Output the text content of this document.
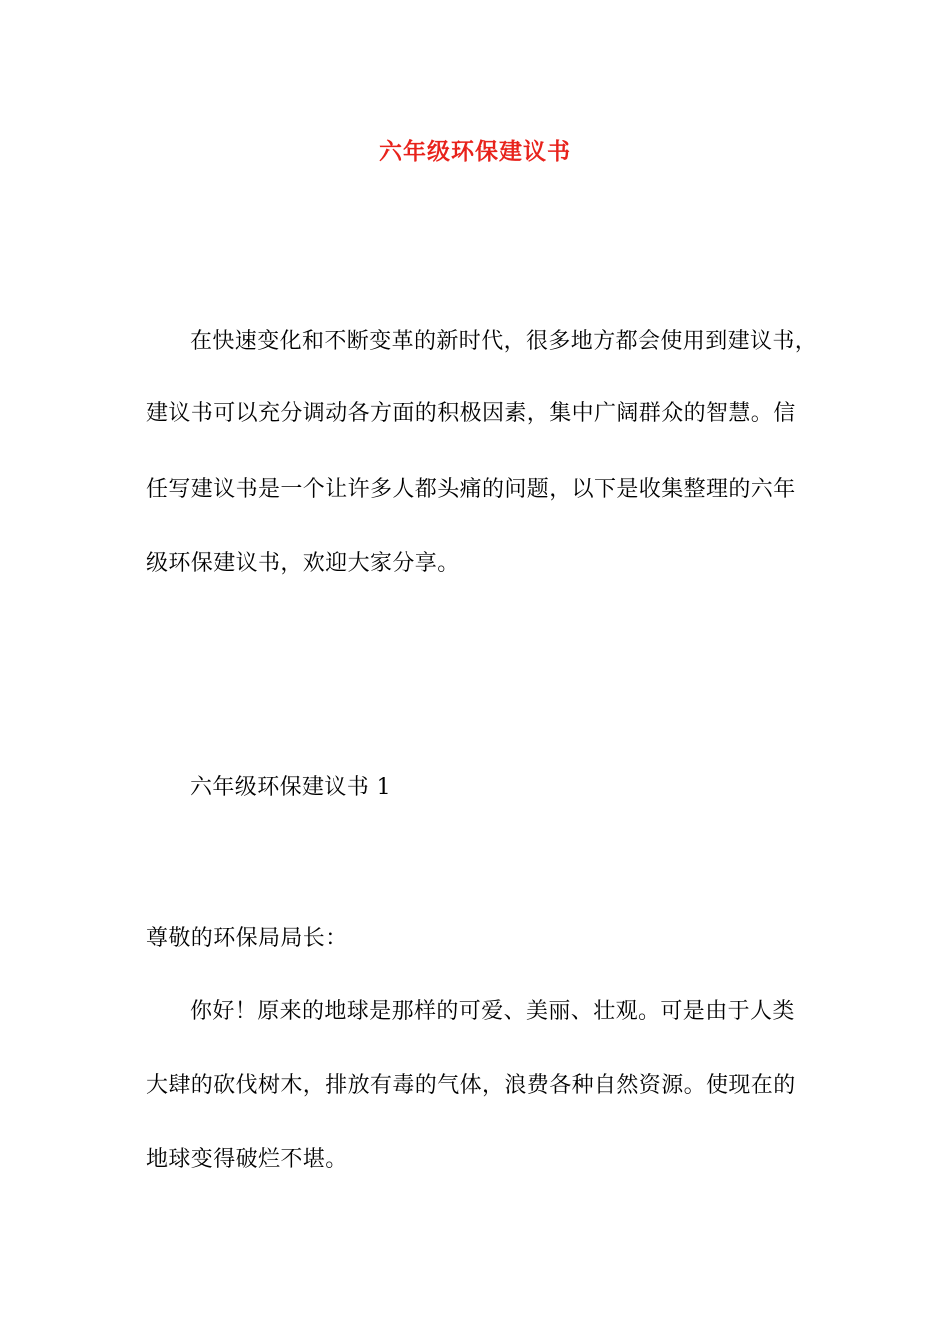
六年级环保建议书
在快速变化和不断变革的新时代，很多地方都会使用到建议书，
建议书可以充分调动各方面的积极因素，集中广阔群众的智慧。信
任写建议书是一个让许多人都头痛的问题，以下是收集整理的六年
级环保建议书，欢迎大家分享。
六年级环保建议书 1
尊敬的环保局局长：
你好！原来的地球是那样的可爱、美丽、壮观。可是由于人类
大肆的砍伐树木，排放有毒的气体，浪费各种自然资源。使现在的
地球变得破烂不堪。
